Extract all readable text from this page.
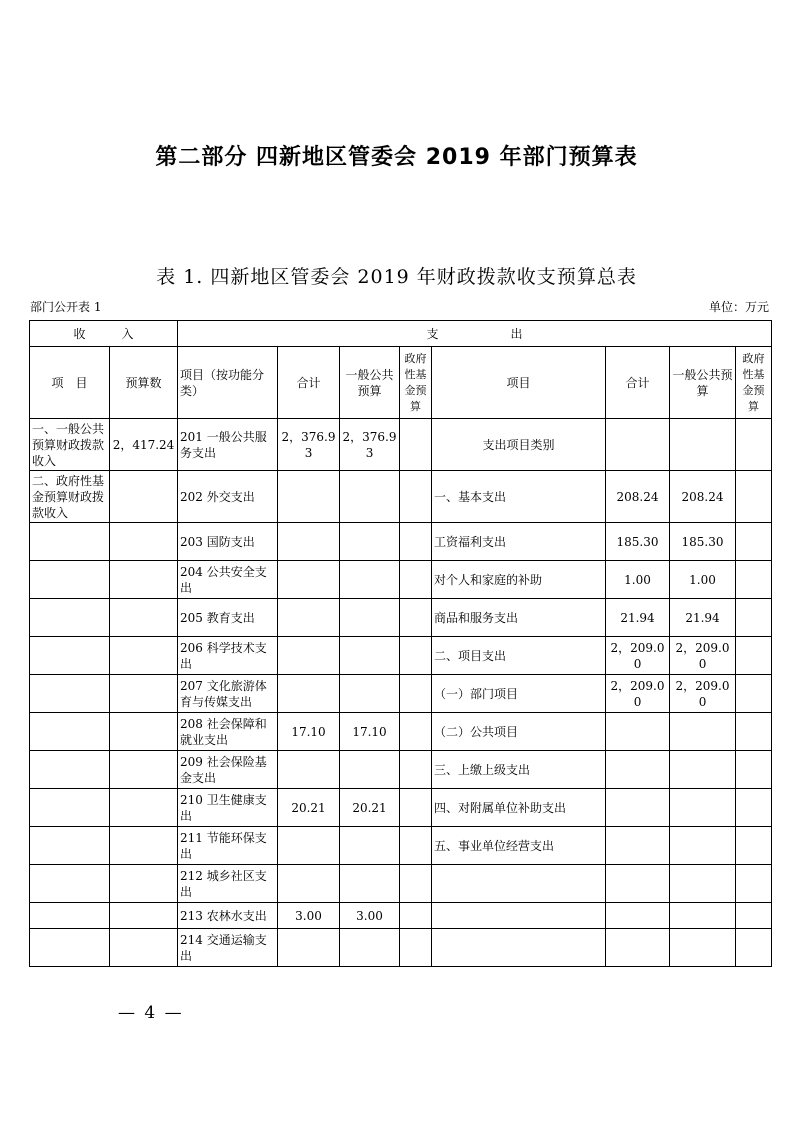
第二部分 四新地区管委会 2019 年部门预算表
表 1. 四新地区管委会 2019 年财政拨款收支预算总表
部门公开表 1	单位：万元
收　　　入		支　　　　　　出							
项　目	预算数	项目（按功能分类）	合计	一般公共预算	政府性基金预算	项目	合计	一般公共预算	政府性基金预算
一、一般公共预算财政拨款收入	2，417.24	201 一般公共服务支出	2，376.93	2，376.93		支出项目类别			
二、政府性基金预算财政拨款收入		202 外交支出				一、基本支出	208.24	208.24	
		203 国防支出				工资福利支出	185.30	185.30	
		204 公共安全支出				对个人和家庭的补助	1.00	1.00	
		205 教育支出				商品和服务支出	21.94	21.94	
		206 科学技术支出				二、项目支出	2，209.00	2，209.00	
		207 文化旅游体育与传媒支出				（一）部门项目	2，209.00	2，209.00	
		208 社会保障和就业支出	17.10	17.10		（二）公共项目			
		209 社会保险基金支出				三、上缴上级支出			
		210 卫生健康支出	20.21	20.21		四、对附属单位补助支出			
		211 节能环保支出				五、事业单位经营支出			
		212 城乡社区支出							
		213 农林水支出	3.00	3.00					
		214 交通运输支出							
— 4 —
